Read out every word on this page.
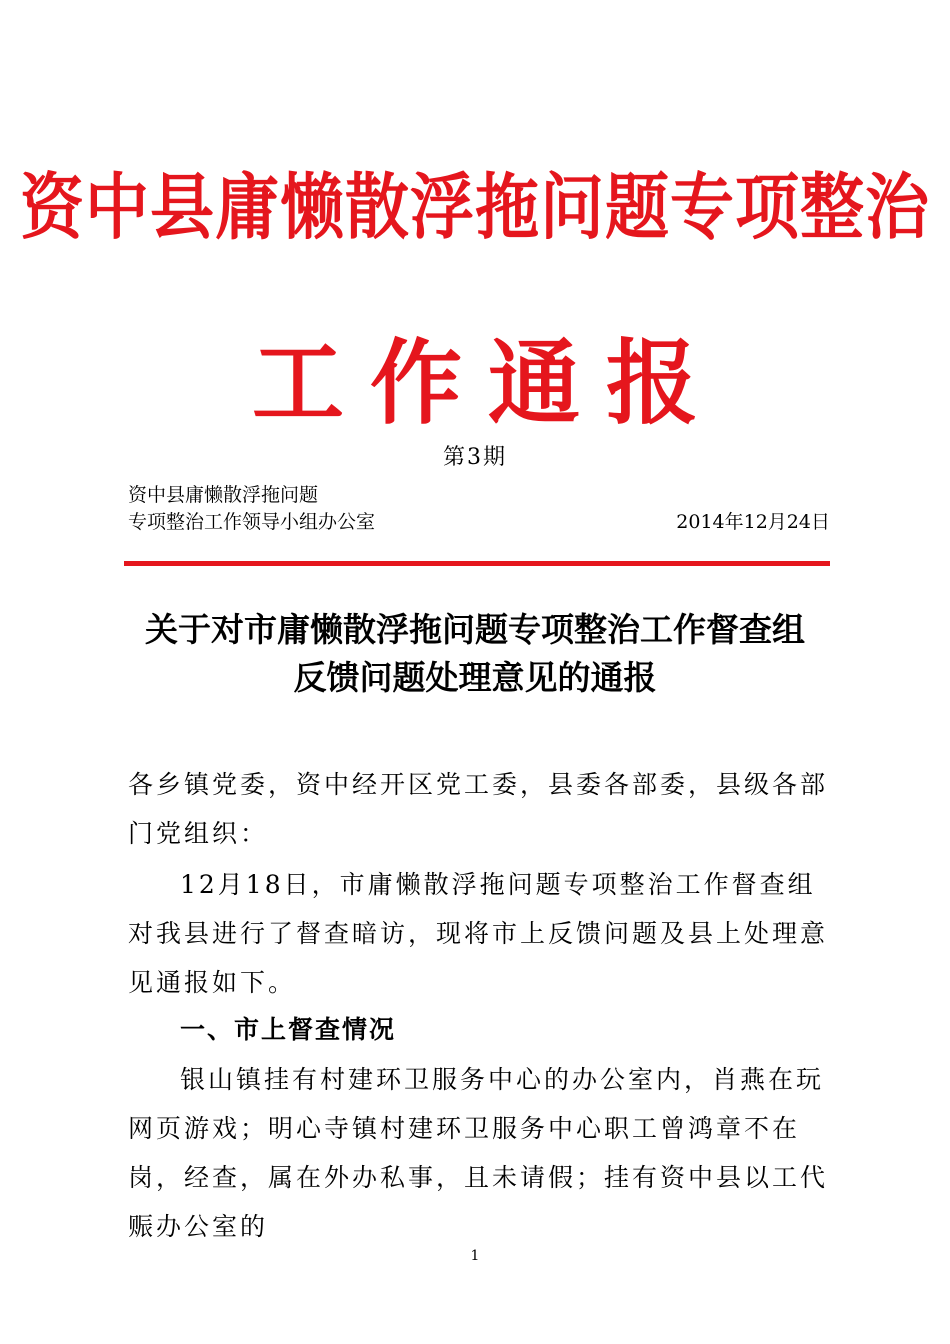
资中县庸懒散浮拖问题专项整治
工作通报
第3期
资中县庸懒散浮拖问题
专项整治工作领导小组办公室	2014年12月24日
关于对市庸懒散浮拖问题专项整治工作督查组
反馈问题处理意见的通报
各乡镇党委，资中经开区党工委，县委各部委，县级各部门党组织：
12月18日，市庸懒散浮拖问题专项整治工作督查组对我县进行了督查暗访，现将市上反馈问题及县上处理意见通报如下。
一、市上督查情况
银山镇挂有村建环卫服务中心的办公室内，肖燕在玩网页游戏；明心寺镇村建环卫服务中心职工曾鸿章不在岗，经查，属在外办私事，且未请假；挂有资中县以工代赈办公室的
1
